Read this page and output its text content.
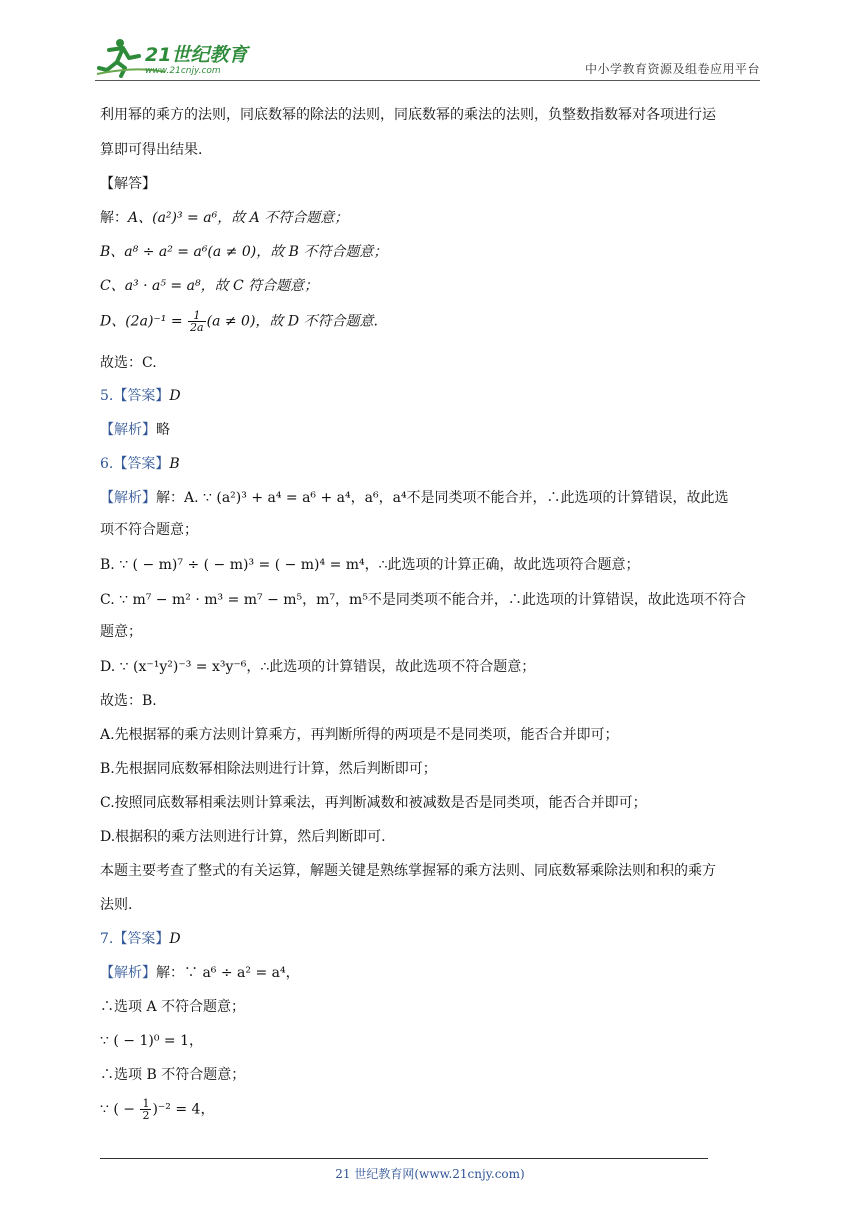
21世纪教育
www.21cnjy.com	中小学教育资源及组卷应用平台
利用幂的乘方的法则，同底数幂的除法的法则，同底数幂的乘法的法则，负整数指数幂对各项进行运
算即可得出结果.
【解答】
解：A、(a²)³ = a⁶，故 A 不符合题意；
B、a⁸ ÷ a² = a⁶(a ≠ 0)，故 B 不符合题意；
C、a³ · a⁵ = a⁸，故 C 符合题意；
D、$(2a)^{-1} = \frac{1}{2a} (a \ne 0)$，故 D 不符合题意.
故选：C.
5.【答案】D
【解析】略
6.【答案】B
【解析】解：A. ∵ (a²)³ + a⁴ = a⁶ + a⁴，a⁶，a⁴不是同类项不能合并，∴此选项的计算错误，故此选
项不符合题意；
B. ∵ ( − m)⁷ ÷ ( − m)³ = ( − m)⁴ = m⁴，∴此选项的计算正确，故此选项符合题意；
C. ∵ m⁷ − m² · m³ = m⁷ − m⁵，m⁷，m⁵不是同类项不能合并，∴此选项的计算错误，故此选项不符合
题意；
D. ∵ (x⁻¹y²)⁻³ = x³y⁻⁶，∴此选项的计算错误，故此选项不符合题意；
故选：B.
A.先根据幂的乘方法则计算乘方，再判断所得的两项是不是同类项，能否合并即可；
B.先根据同底数幂相除法则进行计算，然后判断即可；
C.按照同底数幂相乘法则计算乘法，再判断减数和被减数是否是同类项，能否合并即可；
D.根据积的乘方法则进行计算，然后判断即可.
本题主要考查了整式的有关运算，解题关键是熟练掌握幂的乘方法则、同底数幂乘除法则和积的乘方
法则.
7.【答案】D
【解析】解：∵ a⁶ ÷ a² = a⁴，
∴选项 A 不符合题意；
∵ ( − 1)⁰ = 1，
∴选项 B 不符合题意；
∵ ( − $\frac{1}{2} )^{-2} = 4$，
21 世纪教育网(www.21cnjy.com)
